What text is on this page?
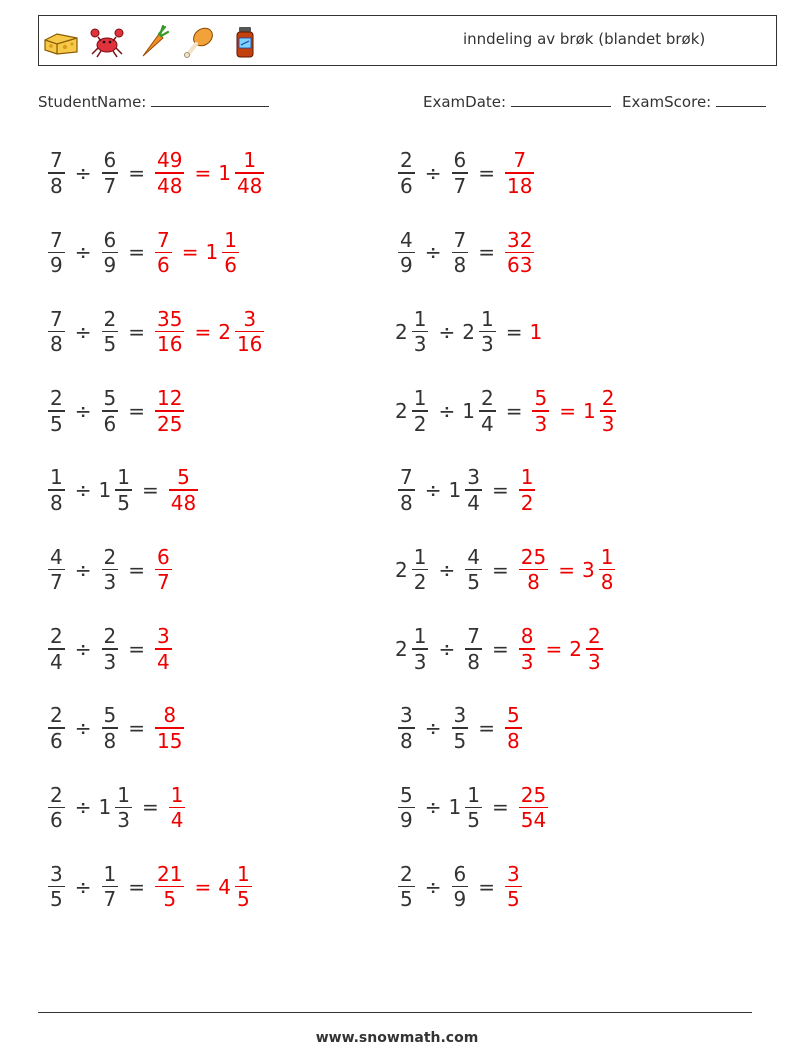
inndeling av brøk (blandet brøk)
StudentName:	ExamDate:	ExamScore:
$\frac{7}{8} \div \frac{6}{7} = \frac{49}{48} = 1 \frac{1}{48}$
$\frac{7}{9} \div \frac{6}{9} = \frac{7}{6} = 1 \frac{1}{6}$
$\frac{7}{8} \div \frac{2}{5} = \frac{35}{16} = 2 \frac{3}{16}$
$\frac{2}{5} \div \frac{5}{6} = \frac{12}{25}$
$\frac{1}{8} \div 1 \frac{1}{5} = \frac{5}{48}$
$\frac{4}{7} \div \frac{2}{3} = \frac{6}{7}$
$\frac{2}{4} \div \frac{2}{3} = \frac{3}{4}$
$\frac{2}{6} \div \frac{5}{8} = \frac{8}{15}$
$\frac{2}{6} \div 1 \frac{1}{3} = \frac{1}{4}$
$\frac{3}{5} \div \frac{1}{7} = \frac{21}{5} = 4 \frac{1}{5}$
$\frac{2}{6} \div \frac{6}{7} = \frac{7}{18}$
$\frac{4}{9} \div \frac{7}{8} = \frac{32}{63}$
$2 \frac{1}{3} \div 2 \frac{1}{3} = 1$
$2 \frac{1}{2} \div 1 \frac{2}{4} = \frac{5}{3} = 1 \frac{2}{3}$
$\frac{7}{8} \div 1 \frac{3}{4} = \frac{1}{2}$
$2 \frac{1}{2} \div \frac{4}{5} = \frac{25}{8} = 3 \frac{1}{8}$
$2 \frac{1}{3} \div \frac{7}{8} = \frac{8}{3} = 2 \frac{2}{3}$
$\frac{3}{8} \div \frac{3}{5} = \frac{5}{8}$
$\frac{5}{9} \div 1 \frac{1}{5} = \frac{25}{54}$
$\frac{2}{5} \div \frac{6}{9} = \frac{3}{5}$
www.snowmath.com
